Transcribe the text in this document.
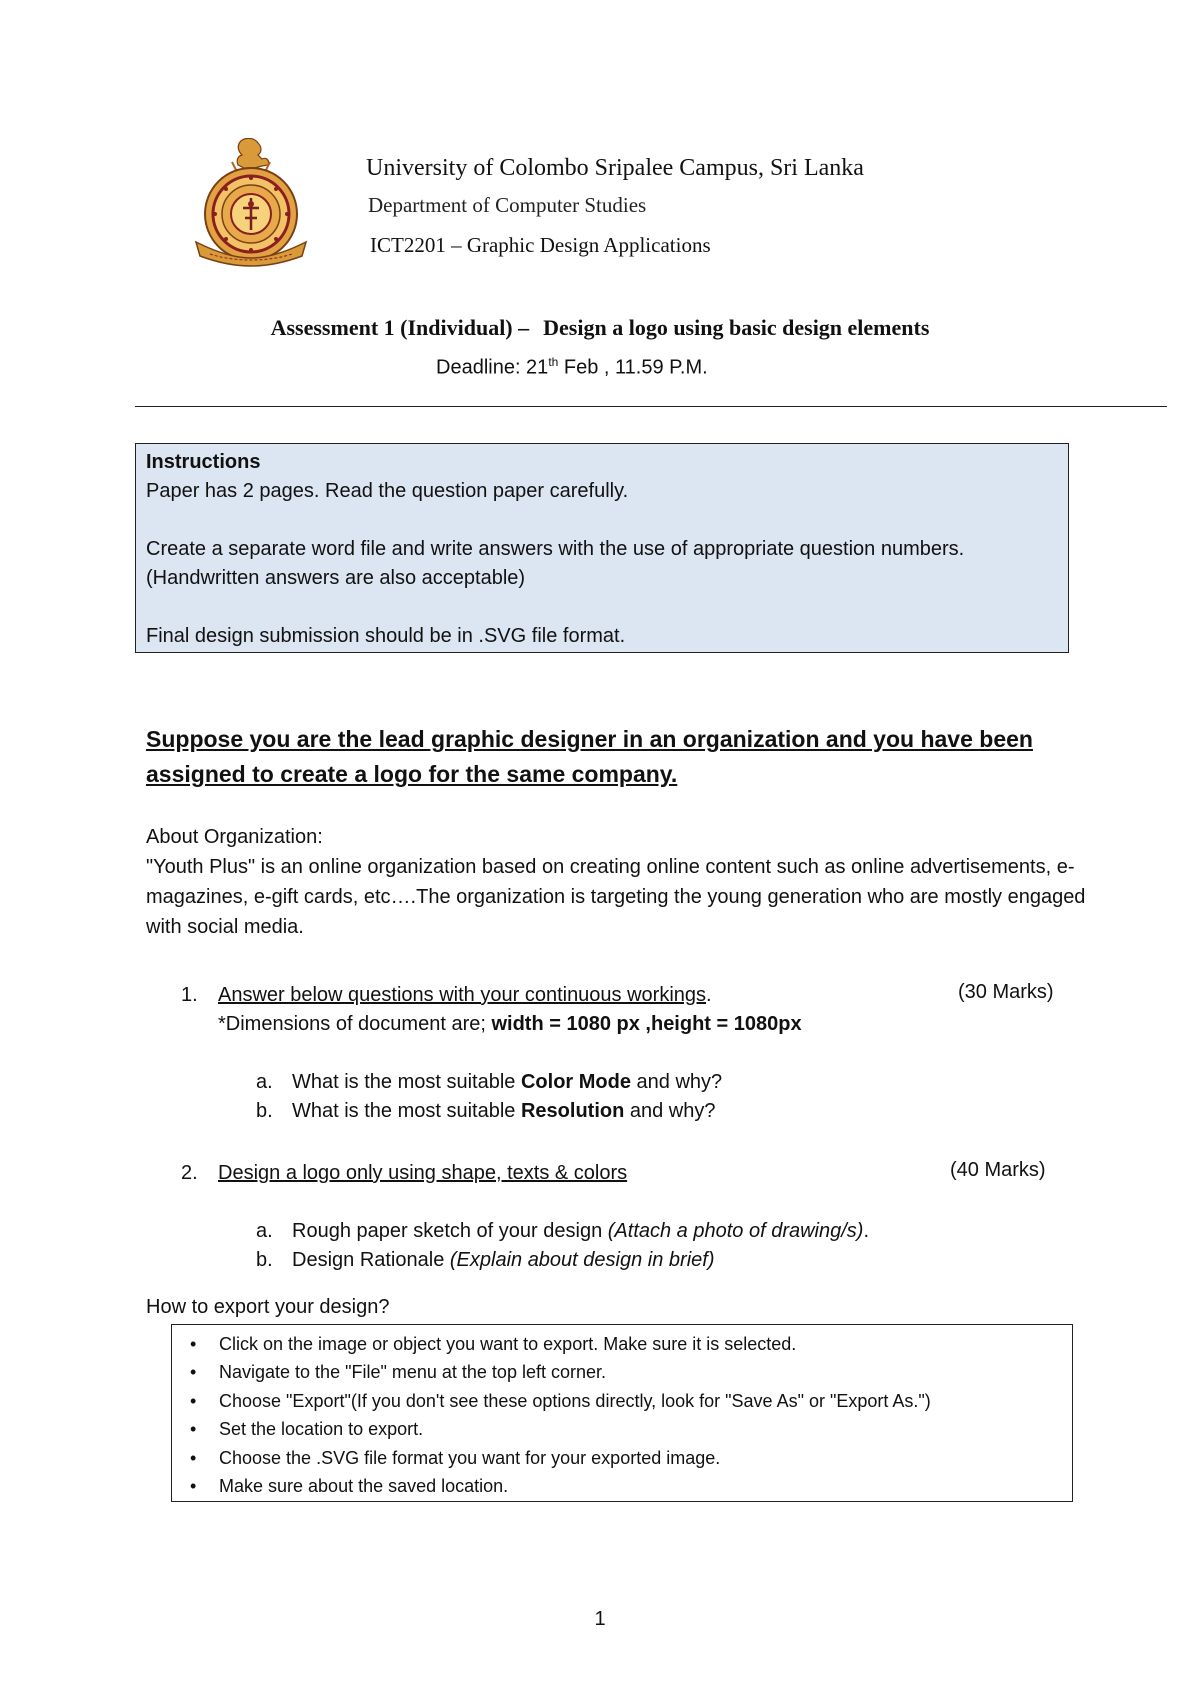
University of Colombo Sripalee Campus, Sri Lanka
Department of Computer Studies
ICT2201 – Graphic Design Applications
Assessment 1 (Individual) – Design a logo using basic design elements
Deadline: 21th Feb , 11.59 P.M.

Instructions

Paper has 2 pages. Read the question paper carefully.

Create a separate word file and write answers with the use of appropriate question numbers. (Handwritten answers are also acceptable)

Final design submission should be in .SVG file format.

Suppose you are the lead graphic designer in an organization and you have been assigned to create a logo for the same company.

About Organization:

"Youth Plus" is an online organization based on creating online content such as online advertisements, e-magazines, e-gift cards, etc….The organization is targeting the young generation who are mostly engaged with social media.

1. Answer below questions with your continuous workings.	(30 Marks)
*Dimensions of document are; width = 1080 px ,height = 1080px
a. What is the most suitable Color Mode and why?
b. What is the most suitable Resolution and why?
2. Design a logo only using shape, texts & colors	(40 Marks)
a. Rough paper sketch of your design (Attach a photo of drawing/s).
b. Design Rationale (Explain about design in brief)
How to export your design?
• Click on the image or object you want to export. Make sure it is selected.
• Navigate to the "File" menu at the top left corner.
• Choose "Export"(If you don't see these options directly, look for "Save As" or "Export As.")
• Set the location to export.
• Choose the .SVG file format you want for your exported image.
• Make sure about the saved location.
1
